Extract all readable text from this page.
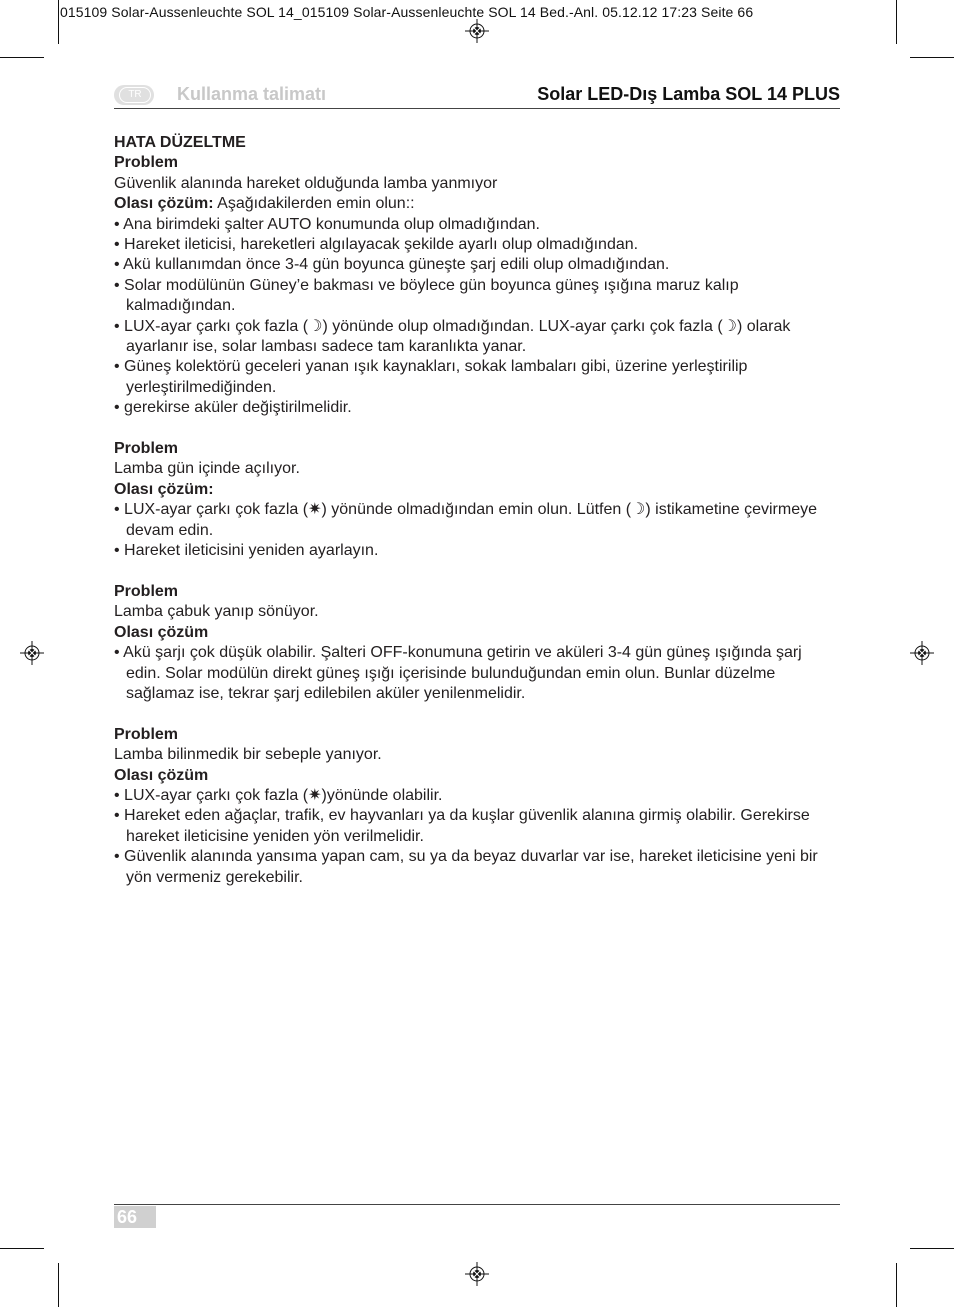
015109 Solar-Aussenleuchte SOL 14_015109 Solar-Aussenleuchte SOL 14 Bed.-Anl. 05.12.12 17:23 Seite 66
TR	Kullanma talimatı	Solar LED-Dış Lamba SOL 14 PLUS

HATA DÜZELTME

Problem

Güvenlik alanında hareket olduğunda lamba yanmıyor

Olası çözüm: Aşağıdakilerden emin olun::

• Ana birimdeki şalter AUTO konumunda olup olmadığından.

• Hareket ileticisi, hareketleri algılayacak şekilde ayarlı olup olmadığından.

• Akü kullanımdan önce 3-4 gün boyunca güneşte şarj edili olup olmadığından.

• Solar modülünün Güney’e bakması ve böylece gün boyunca güneş ışığına maruz kalıp kalmadığından.

• LUX-ayar çarkı çok fazla (☽) yönünde olup olmadığından. LUX-ayar çarkı çok fazla (☽) olarak ayarlanır ise, solar lambası sadece tam karanlıkta yanar.

• Güneş kolektörü geceleri yanan ışık kaynakları, sokak lambaları gibi, üzerine yerleştirilip yerleştirilmediğinden.

• gerekirse aküler değiştirilmelidir.

Problem

Lamba gün içinde açılıyor.

Olası çözüm:

• LUX-ayar çarkı çok fazla (✷) yönünde olmadığından emin olun. Lütfen (☽) istikametine çevirmeye devam edin.

• Hareket ileticisini yeniden ayarlayın.

Problem

Lamba çabuk yanıp sönüyor.

Olası çözüm

• Akü şarjı çok düşük olabilir. Şalteri OFF-konumuna getirin ve aküleri 3-4 gün güneş ışığında şarj edin. Solar modülün direkt güneş ışığı içerisinde bulunduğundan emin olun. Bunlar düzelme sağlamaz ise, tekrar şarj edilebilen aküler yenilenmelidir.

Problem

Lamba bilinmedik bir sebeple yanıyor.

Olası çözüm

• LUX-ayar çarkı çok fazla (✷)yönünde olabilir.

• Hareket eden ağaçlar, trafik, ev hayvanları ya da kuşlar güvenlik alanına girmiş olabilir. Gerekirse hareket ileticisine yeniden yön verilmelidir.

• Güvenlik alanında yansıma yapan cam, su ya da beyaz duvarlar var ise, hareket ileticisine yeni bir yön vermeniz gerekebilir.

66
